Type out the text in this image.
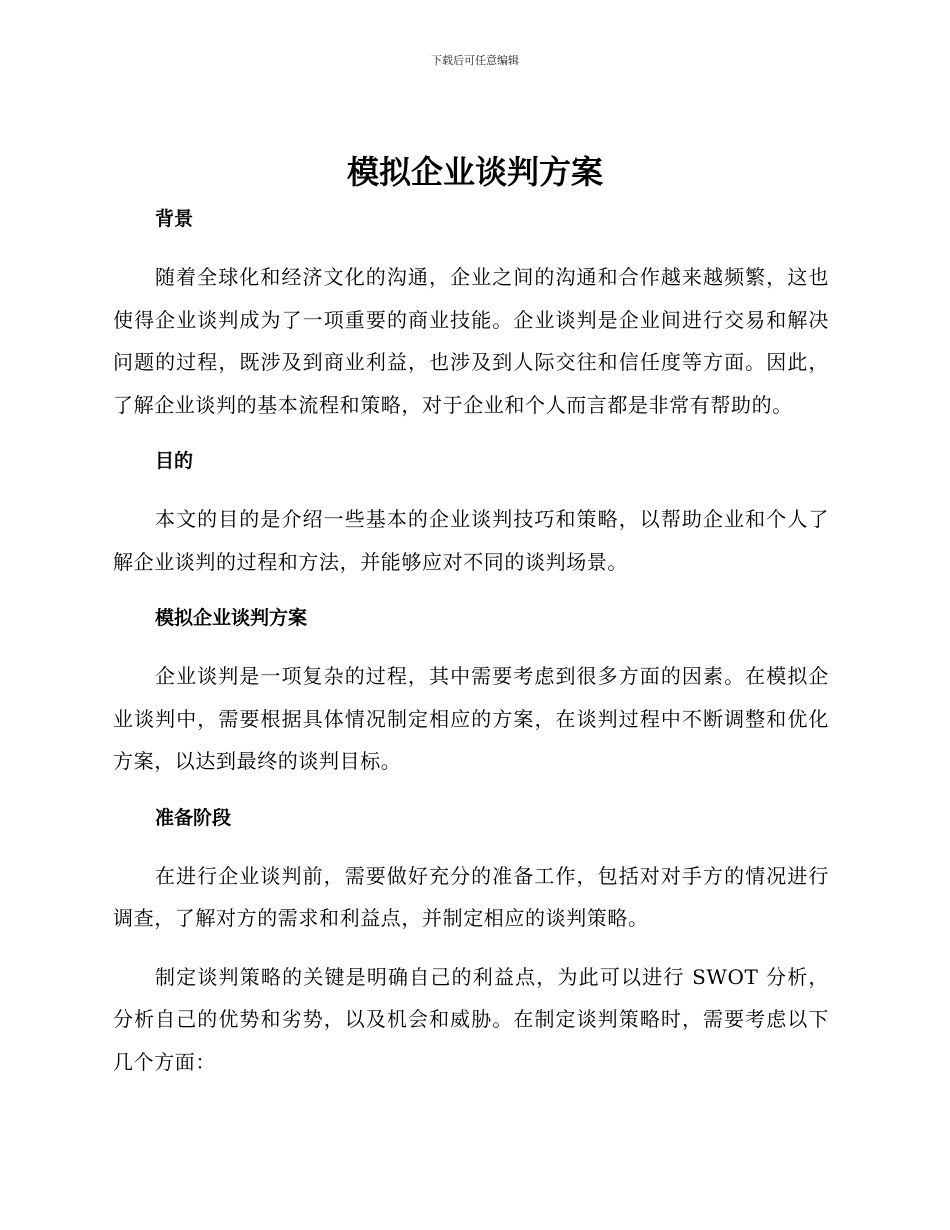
下载后可任意编辑
模拟企业谈判方案
背景

随着全球化和经济文化的沟通，企业之间的沟通和合作越来越频繁，这也使得企业谈判成为了一项重要的商业技能。企业谈判是企业间进行交易和解决问题的过程，既涉及到商业利益，也涉及到人际交往和信任度等方面。因此，了解企业谈判的基本流程和策略，对于企业和个人而言都是非常有帮助的。

目的

本文的目的是介绍一些基本的企业谈判技巧和策略，以帮助企业和个人了解企业谈判的过程和方法，并能够应对不同的谈判场景。

模拟企业谈判方案

企业谈判是一项复杂的过程，其中需要考虑到很多方面的因素。在模拟企业谈判中，需要根据具体情况制定相应的方案，在谈判过程中不断调整和优化方案，以达到最终的谈判目标。

准备阶段

在进行企业谈判前，需要做好充分的准备工作，包括对对手方的情况进行调查，了解对方的需求和利益点，并制定相应的谈判策略。

制定谈判策略的关键是明确自己的利益点，为此可以进行 SWOT 分析，分析自己的优势和劣势，以及机会和威胁。在制定谈判策略时，需要考虑以下几个方面：
